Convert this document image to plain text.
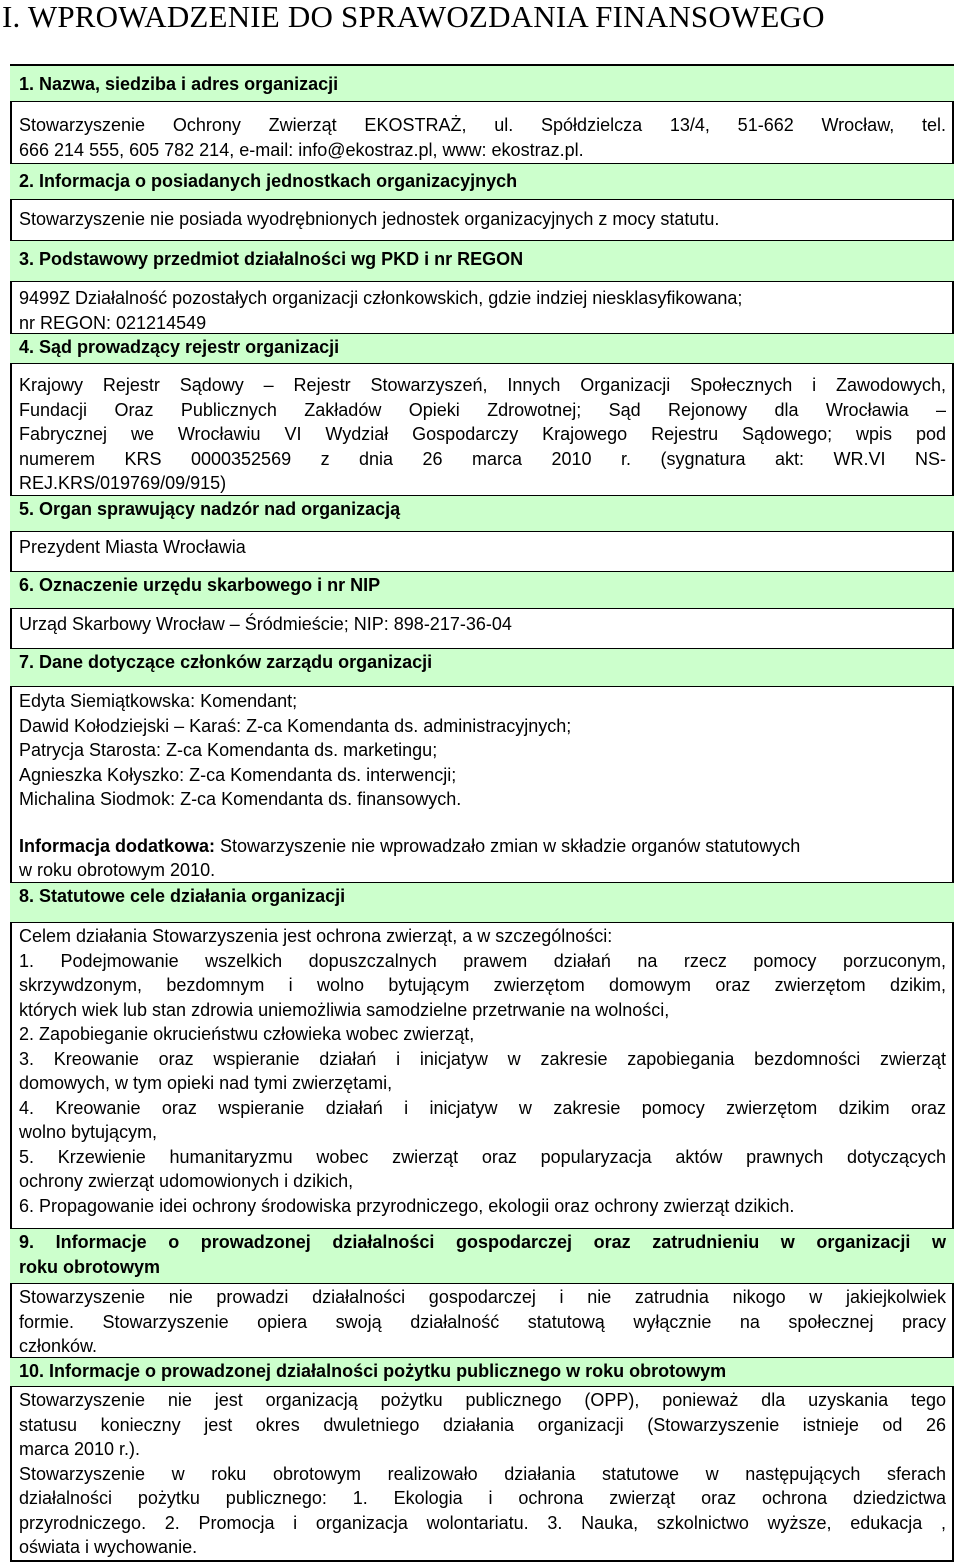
I. WPROWADZENIE DO SPRAWOZDANIA FINANSOWEGO
1. Nazwa, siedziba i adres organizacji
Stowarzyszenie Ochrony Zwierząt EKOSTRAŻ, ul. Spółdzielcza 13/4, 51-662 Wrocław, tel.
666 214 555, 605 782 214, e-mail: info@ekostraz.pl, www: ekostraz.pl.
2. Informacja o posiadanych jednostkach organizacyjnych
Stowarzyszenie nie posiada wyodrębnionych jednostek organizacyjnych z mocy statutu.
3. Podstawowy przedmiot działalności wg PKD i nr REGON
9499Z Działalność pozostałych organizacji członkowskich, gdzie indziej niesklasyfikowana;
nr REGON: 021214549
4. Sąd prowadzący rejestr organizacji
Krajowy Rejestr Sądowy – Rejestr Stowarzyszeń, Innych Organizacji Społecznych i Zawodowych,
Fundacji Oraz Publicznych Zakładów Opieki Zdrowotnej; Sąd Rejonowy dla Wrocławia –
Fabrycznej we Wrocławiu VI Wydział Gospodarczy Krajowego Rejestru Sądowego; wpis pod
numerem KRS 0000352569 z dnia 26 marca 2010 r. (sygnatura akt: WR.VI NS-
REJ.KRS/019769/09/915)
5. Organ sprawujący nadzór nad organizacją
Prezydent Miasta Wrocławia
6. Oznaczenie urzędu skarbowego i nr NIP
Urząd Skarbowy Wrocław – Śródmieście; NIP: 898-217-36-04
7. Dane dotyczące członków zarządu organizacji
Edyta Siemiątkowska: Komendant;
Dawid Kołodziejski – Karaś: Z-ca Komendanta ds. administracyjnych;
Patrycja Starosta: Z-ca Komendanta ds. marketingu;
Agnieszka Kołyszko: Z-ca Komendanta ds. interwencji;
Michalina Siodmok: Z-ca Komendanta ds. finansowych.
Informacja dodatkowa: Stowarzyszenie nie wprowadzało zmian w składzie organów statutowych
w roku obrotowym 2010.
8. Statutowe cele działania organizacji
Celem działania Stowarzyszenia jest ochrona zwierząt, a w szczególności:
1. Podejmowanie wszelkich dopuszczalnych prawem działań na rzecz pomocy porzuconym,
skrzywdzonym, bezdomnym i wolno bytującym zwierzętom domowym oraz zwierzętom dzikim,
których wiek lub stan zdrowia uniemożliwia samodzielne przetrwanie na wolności,
2. Zapobieganie okrucieństwu człowieka wobec zwierząt,
3. Kreowanie oraz wspieranie działań i inicjatyw w zakresie zapobiegania bezdomności zwierząt
domowych, w tym opieki nad tymi zwierzętami,
4. Kreowanie oraz wspieranie działań i inicjatyw w zakresie pomocy zwierzętom dzikim oraz
wolno bytującym,
5. Krzewienie humanitaryzmu wobec zwierząt oraz popularyzacja aktów prawnych dotyczących
ochrony zwierząt udomowionych i dzikich,
6. Propagowanie idei ochrony środowiska przyrodniczego, ekologii oraz ochrony zwierząt dzikich.
9. Informacje o prowadzonej działalności gospodarczej oraz zatrudnieniu w organizacji w
roku obrotowym
Stowarzyszenie nie prowadzi działalności gospodarczej i nie zatrudnia nikogo w jakiejkolwiek
formie. Stowarzyszenie opiera swoją działalność statutową wyłącznie na społecznej pracy
członków.
10. Informacje o prowadzonej działalności pożytku publicznego w roku obrotowym
Stowarzyszenie nie jest organizacją pożytku publicznego (OPP), ponieważ dla uzyskania tego
statusu konieczny jest okres dwuletniego działania organizacji (Stowarzyszenie istnieje od 26
marca 2010 r.).
Stowarzyszenie w roku obrotowym realizowało działania statutowe w następujących sferach
działalności pożytku publicznego: 1. Ekologia i ochrona zwierząt oraz ochrona dziedzictwa
przyrodniczego. 2. Promocja i organizacja wolontariatu. 3. Nauka, szkolnictwo wyższe, edukacja ,
oświata i wychowanie.
